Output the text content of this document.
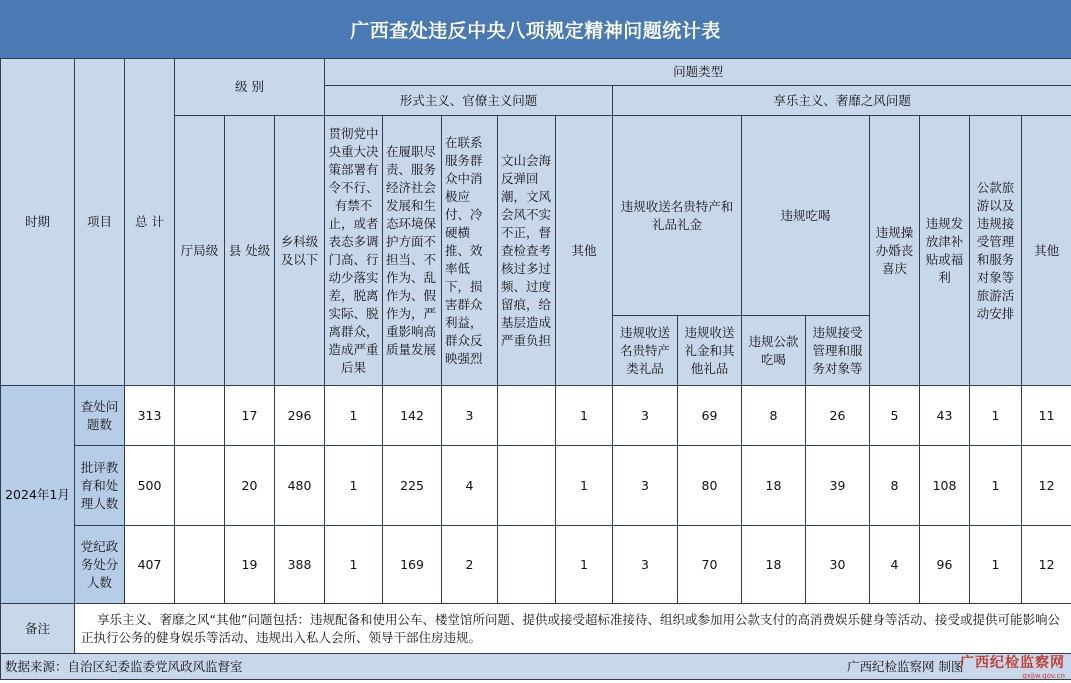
广西查处违反中央八项规定精神问题统计表
时期	项目	总 计	级 别			问题类型												
						形式主义、官僚主义问题					享乐主义、奢靡之风问题							
			厅局级	县 处级	乡科级及以下	贯彻党中央重大决策部署有令不行、有禁不止，或者表态多调门高、行动少落实差，脱离实际、脱离群众，造成严重后果	在履职尽责、服务经济社会发展和生态环境保护方面不担当、不作为、乱作为、假作为，严重影响高质量发展	在联系服务群众中消极应付、冷硬横推、效率低下，损害群众利益，群众反映强烈	文山会海反弹回潮，文风会风不实不正，督查检查考核过多过频、过度留痕，给基层造成严重负担	其他	违规收送名贵特产和礼品礼金		违规吃喝		违规操办婚丧喜庆	违规发放津补贴或福利	公款旅游以及违规接受管理和服务对象等旅游活动安排	其他
											违规收送名贵特产类礼品	违规收送礼金和其他礼品	违规公款吃喝	违规接受管理和服务对象等				
2024年1月	查处问题数	313		17	296	1	142	3		1	3	69	8	26	5	43	1	11
	批评教育和处理人数	500		20	480	1	225	4		1	3	80	18	39	8	108	1	12
	党纪政务处分人数	407		19	388	1	169	2		1	3	70	18	30	4	96	1	12
备注	享乐主义、奢靡之风“其他”问题包括：违规配备和使用公车、楼堂馆所问题、提供或接受超标准接待、组织或参加用公款支付的高消费娱乐健身等活动、接受或提供可能影响公正执行公务的健身娱乐等活动、违规出入私人会所、领导干部住房违规。																	
数据来源：自治区纪委监委党风政风监督室									广西纪检监察网 制图									
广西纪检监察网
gxjjw.gov.cn
